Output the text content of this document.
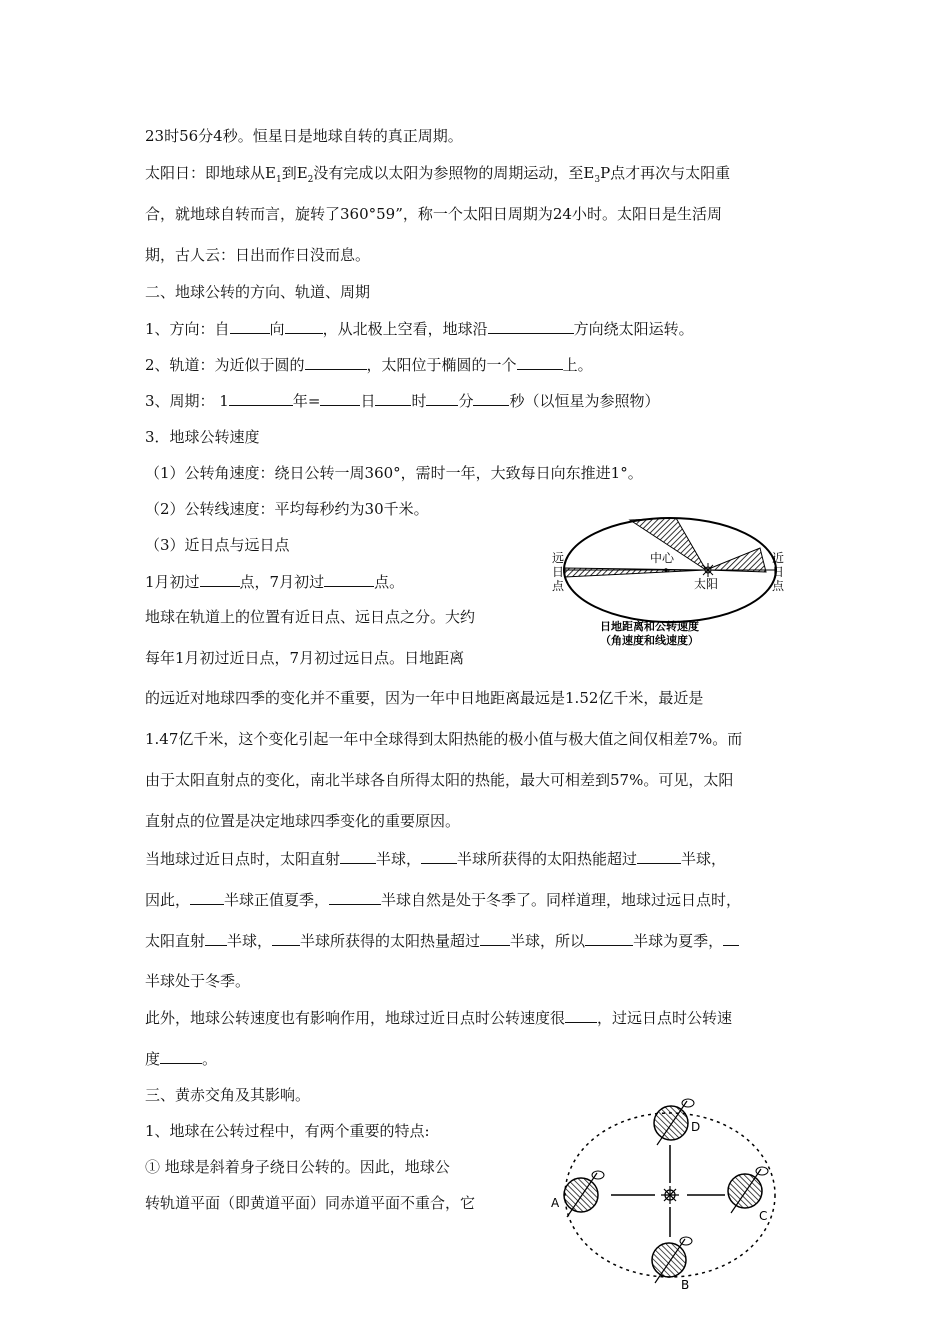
23时56分4秒。恒星日是地球自转的真正周期。
太阳日：即地球从$E_1$到$E_2$没有完成以太阳为参照物的周期运动，至$E_3P$点才再次与太阳重
合，就地球自转而言，旋转了360°59”，称一个太阳日周期为24小时。太阳日是生活周
期，古人云：日出而作日没而息。
二、地球公转的方向、轨道、周期
1、方向：自	向	，从北极上空看，地球沿	方向绕太阳运转。
2、轨道：为近似于圆的	，太阳位于椭圆的一个	上。
3、周期： 1	年=	日 时 分 秒（以恒星为参照物）
3．地球公转速度
（1）公转角速度：绕日公转一周360°，需时一年，大致每日向东推进1°。
（2）公转线速度：平均每秒约为30千米。
（3）近日点与远日点
1月初过	点，7月初过	点。
地球在轨道上的位置有近日点、远日点之分。大约
每年1月初过近日点，7月初过远日点。日地距离
的远近对地球四季的变化并不重要，因为一年中日地距离最远是1.52亿千米，最近是
1.47亿千米，这个变化引起一年中全球得到太阳热能的极小值与极大值之间仅相差7%。而
由于太阳直射点的变化，南北半球各自所得太阳的热能，最大可相差到57%。可见，太阳
直射点的位置是决定地球四季变化的重要原因。
当地球过近日点时，太阳直射 半球， 半球所获得的太阳热能超过	半球，
因此， 半球正值夏季，	半球自然是处于冬季了。同样道理，地球过远日点时，
太阳直射 半球， 半球所获得的太阳热量超过 半球，所以	半球为夏季，
半球处于冬季。
此外，地球公转速度也有影响作用，地球过近日点时公转速度很 ，过远日点时公转速
度	。
三、黄赤交角及其影响。
1、地球在公转过程中，有两个重要的特点:
① 地球是斜着身子绕日公转的。因此，地球公
转轨道平面（即黄道平面）同赤道平面不重合，它
远
日
点
近
日
点
中心
太阳
日地距离和公转速度
（角速度和线速度）
D
A
C
B
